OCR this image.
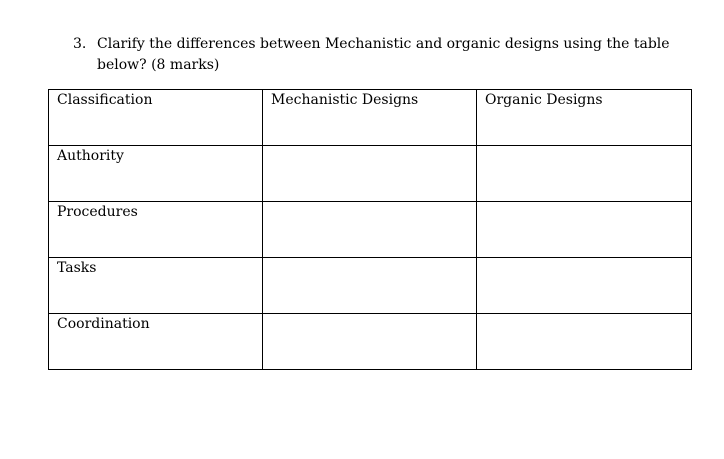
3. Clarify the differences between Mechanistic and organic designs using the table below? (8 marks)
Classification	Mechanistic Designs	Organic Designs
Authority		
Procedures		
Tasks		
Coordination		
